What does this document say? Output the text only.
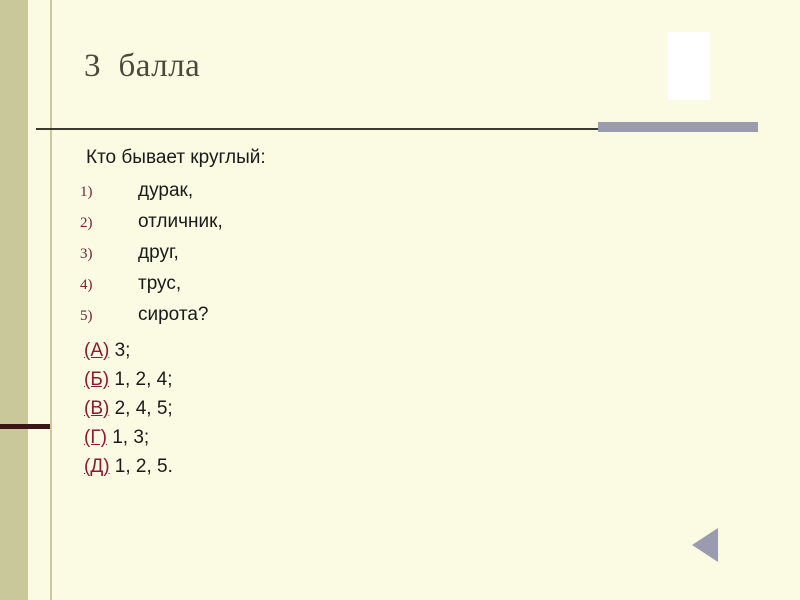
3  балла

Кто бывает круглый:

1)	дурак,
2)	отличник,
3)	друг,
4)	трус,
5)	сирота?
(А) 3;
(Б) 1, 2, 4;
(В) 2, 4, 5;
(Г) 1, 3;
(Д) 1, 2, 5.
